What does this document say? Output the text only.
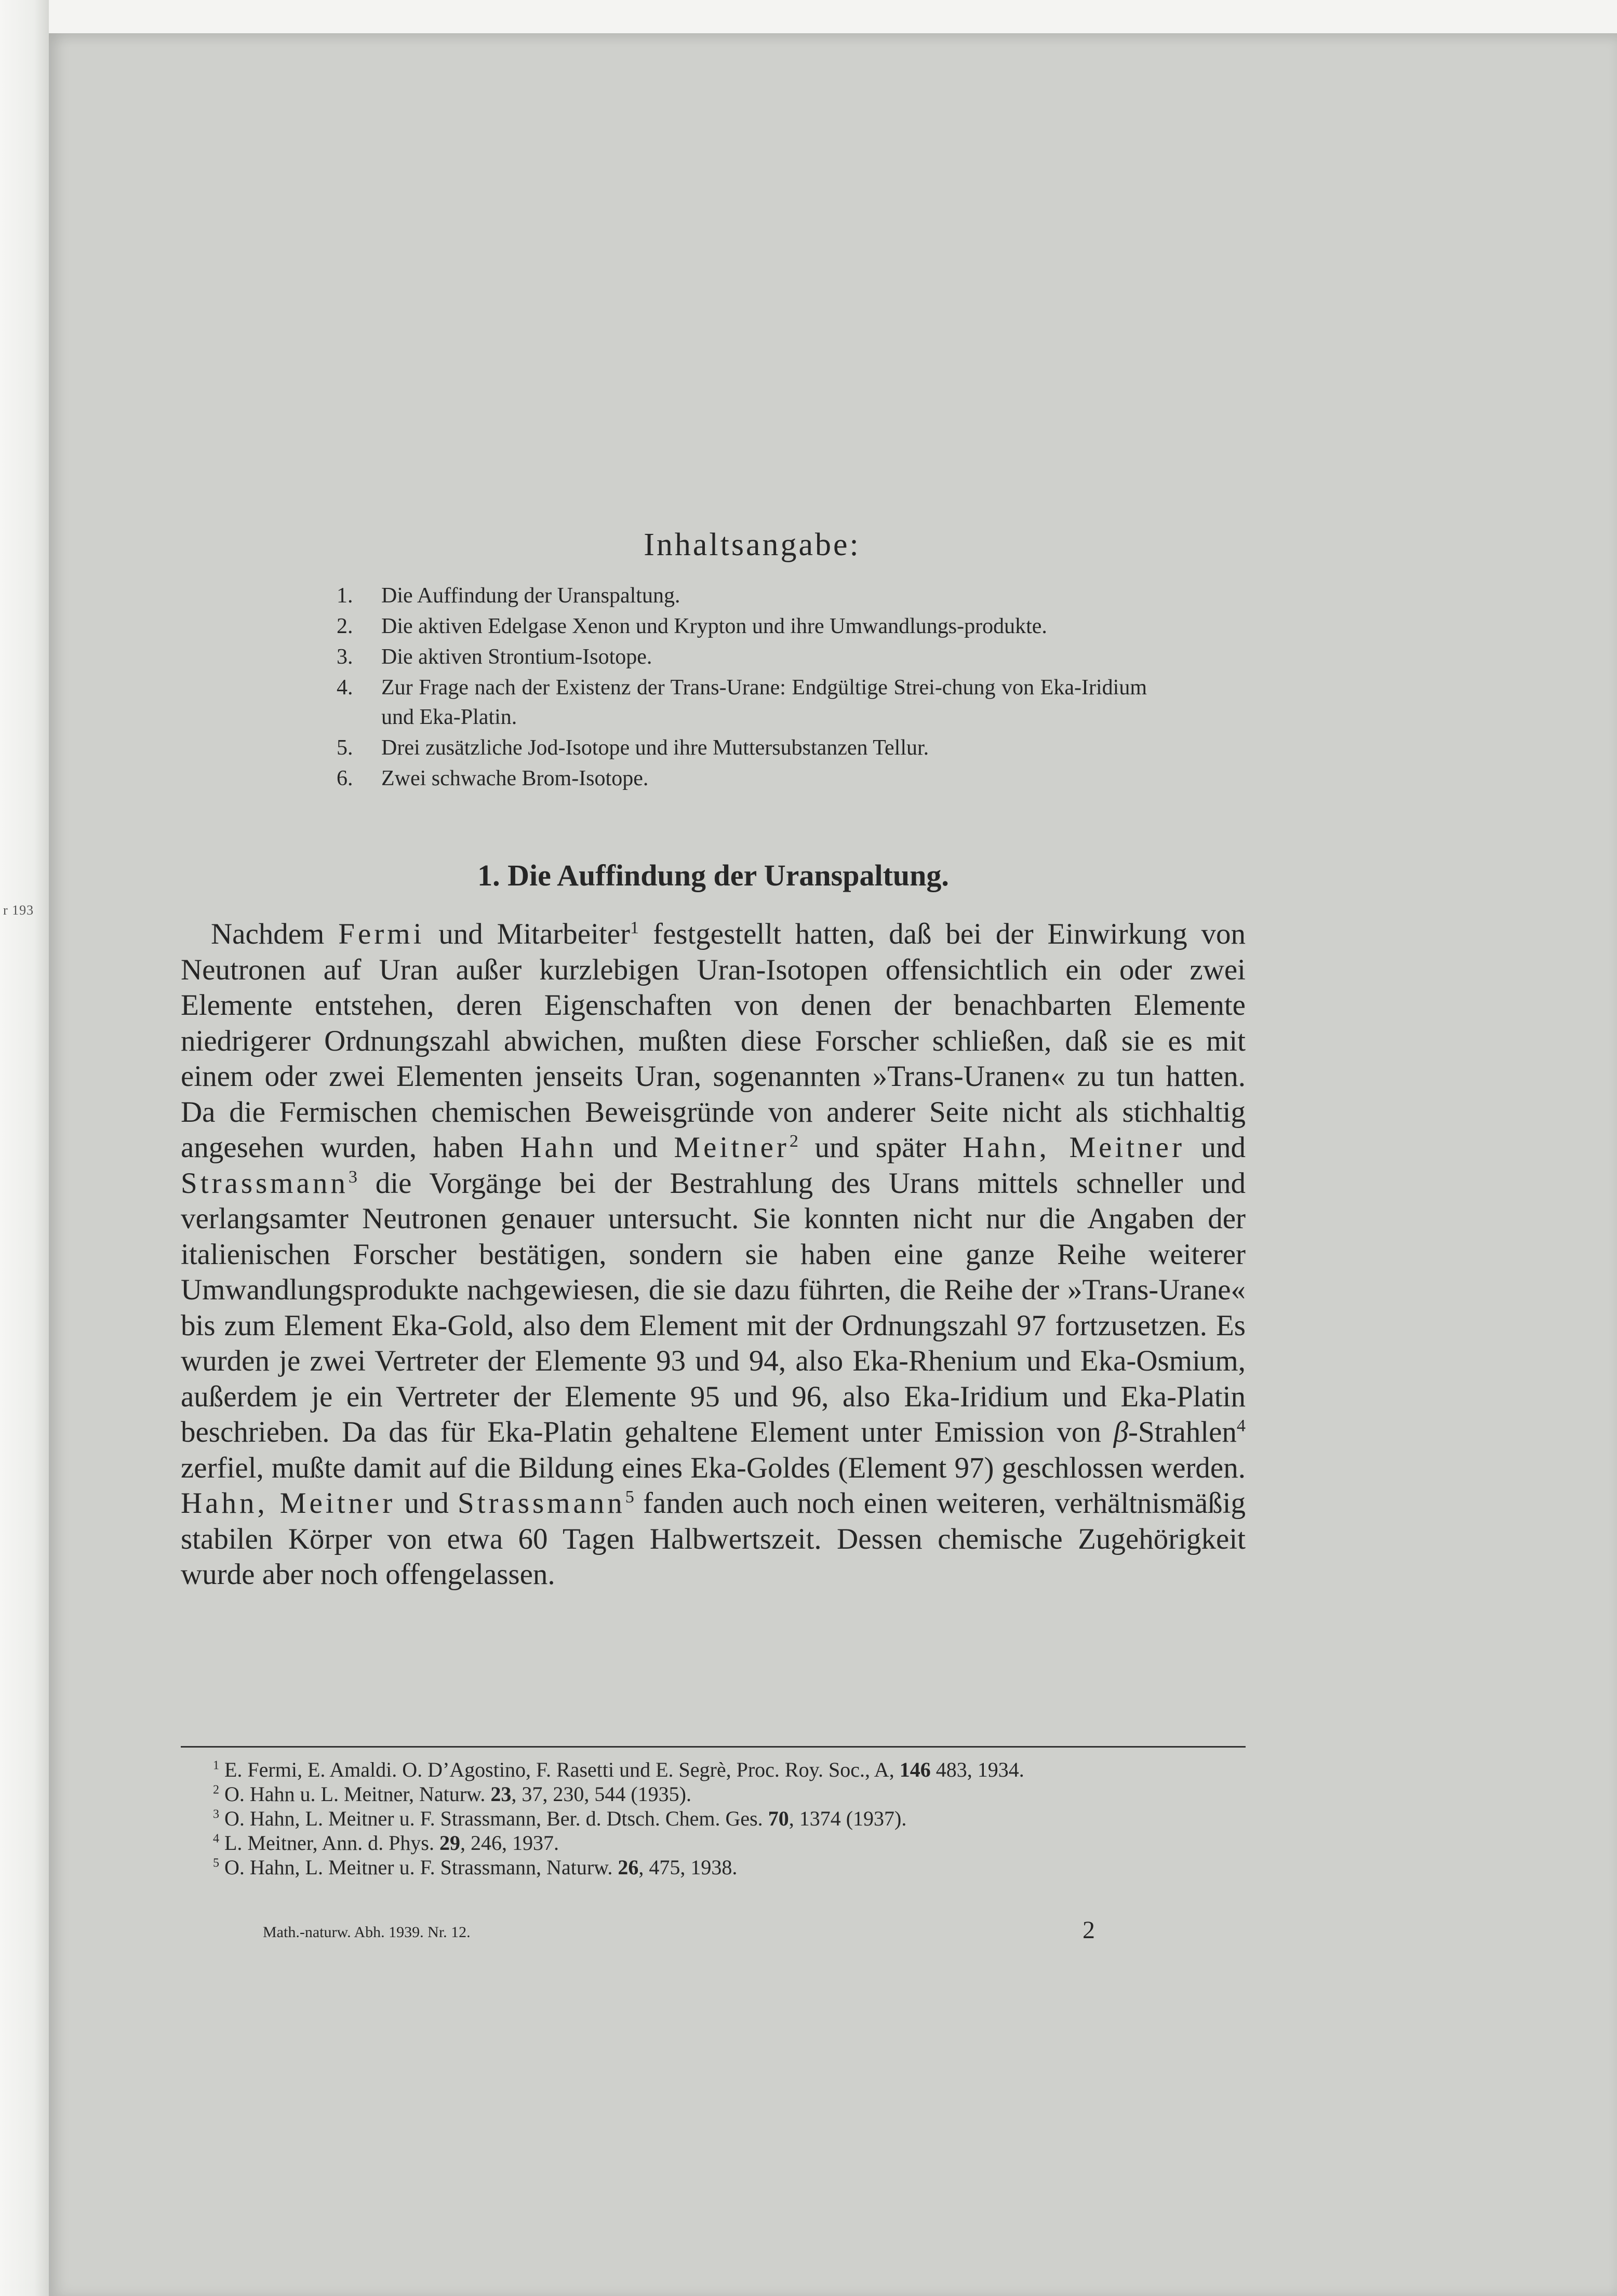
r 193
Inhaltsangabe:
1. Die Auffindung der Uranspaltung.
2. Die aktiven Edelgase Xenon und Krypton und ihre Umwandlungs-produkte.
3. Die aktiven Strontium-Isotope.
4. Zur Frage nach der Existenz der Trans-Urane: Endgültige Strei-chung von Eka-Iridium und Eka-Platin.
5. Drei zusätzliche Jod-Isotope und ihre Muttersubstanzen Tellur.
6. Zwei schwache Brom-Isotope.
1. Die Auffindung der Uranspaltung.

Nachdem Fermi und Mitarbeiter$^1$ festgestellt hatten, daß bei der Einwirkung von Neutronen auf Uran außer kurzlebigen Uran-Isotopen offensichtlich ein oder zwei Elemente entstehen, deren Eigenschaften von denen der benachbarten Elemente niedrigerer Ordnungszahl abwichen, mußten diese Forscher schließen, daß sie es mit einem oder zwei Elementen jenseits Uran, sogenannten »Trans-Uranen« zu tun hatten. Da die Fermischen chemischen Beweisgründe von anderer Seite nicht als stichhaltig angesehen wurden, haben Hahn und Meitner$^2$ und später Hahn, Meitner und Strassmann$^3$ die Vorgänge bei der Bestrahlung des Urans mittels schneller und verlangsamter Neutronen genauer untersucht. Sie konnten nicht nur die Angaben der italienischen Forscher bestätigen, sondern sie haben eine ganze Reihe weiterer Umwandlungsprodukte nachgewiesen, die sie dazu führten, die Reihe der »Trans-Urane« bis zum Element Eka-Gold, also dem Element mit der Ordnungszahl 97 fortzusetzen. Es wurden je zwei Vertreter der Elemente 93 und 94, also Eka-Rhenium und Eka-Osmium, außerdem je ein Vertreter der Elemente 95 und 96, also Eka-Iridium und Eka-Platin beschrieben. Da das für Eka-Platin gehaltene Element unter Emission von β-Strahlen$^4$ zerfiel, mußte damit auf die Bildung eines Eka-Goldes (Element 97) geschlossen werden. Hahn, Meitner und Strassmann$^5$ fanden auch noch einen weiteren, verhältnismäßig stabilen Körper von etwa 60 Tagen Halbwertszeit. Dessen chemische Zugehörigkeit wurde aber noch offengelassen.

$^1$ E. Fermi, E. Amaldi. O. D’Agostino, F. Rasetti und E. Segrè, Proc. Roy. Soc., A, 146 483, 1934.

$^2$ O. Hahn u. L. Meitner, Naturw. 23, 37, 230, 544 (1935).

$^3$ O. Hahn, L. Meitner u. F. Strassmann, Ber. d. Dtsch. Chem. Ges. 70, 1374 (1937).

$^4$ L. Meitner, Ann. d. Phys. 29, 246, 1937.

$^5$ O. Hahn, L. Meitner u. F. Strassmann, Naturw. 26, 475, 1938.

Math.-naturw. Abh. 1939. Nr. 12.	2
